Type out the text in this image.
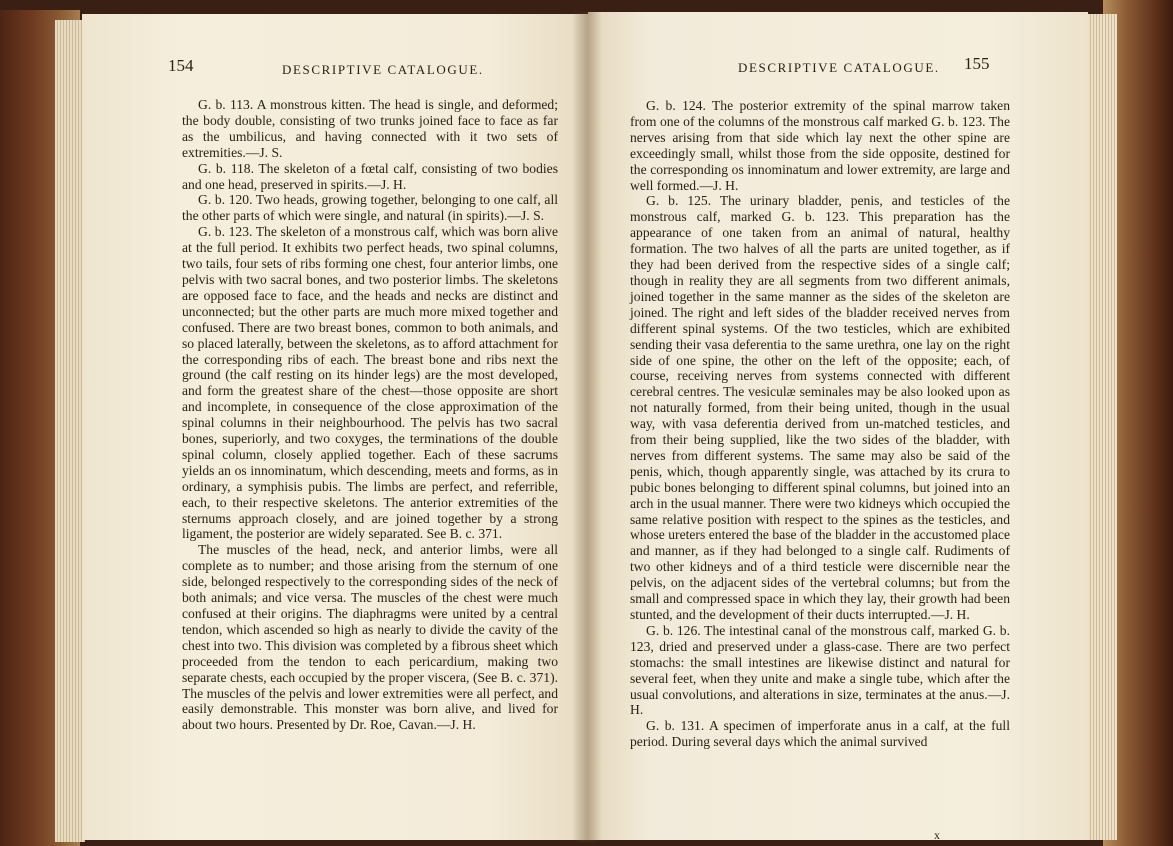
154	DESCRIPTIVE CATALOGUE.

G. b. 113. A monstrous kitten. The head is single, and deformed; the body double, consisting of two trunks joined face to face as far as the umbilicus, and having connected with it two sets of extremities.—J. S.

G. b. 118. The skeleton of a fœtal calf, consisting of two bodies and one head, preserved in spirits.—J. H.

G. b. 120. Two heads, growing together, belonging to one calf, all the other parts of which were single, and natural (in spirits).—J. S.

G. b. 123. The skeleton of a monstrous calf, which was born alive at the full period. It exhibits two perfect heads, two spinal columns, two tails, four sets of ribs forming one chest, four anterior limbs, one pelvis with two sacral bones, and two posterior limbs. The skeletons are opposed face to face, and the heads and necks are distinct and unconnected; but the other parts are much more mixed together and confused. There are two breast bones, common to both animals, and so placed laterally, between the skeletons, as to afford attachment for the corresponding ribs of each. The breast bone and ribs next the ground (the calf resting on its hinder legs) are the most developed, and form the greatest share of the chest—those opposite are short and incomplete, in consequence of the close approximation of the spinal columns in their neighbourhood. The pelvis has two sacral bones, superiorly, and two coxyges, the terminations of the double spinal column, closely applied together. Each of these sacrums yields an os innominatum, which descending, meets and forms, as in ordinary, a symphisis pubis. The limbs are perfect, and referrible, each, to their respective skeletons. The anterior extremities of the sternums approach closely, and are joined together by a strong ligament, the posterior are widely separated. See B. c. 371.

The muscles of the head, neck, and anterior limbs, were all complete as to number; and those arising from the sternum of one side, belonged respectively to the corresponding sides of the neck of both animals; and vice versa. The muscles of the chest were much confused at their origins. The diaphragms were united by a central tendon, which ascended so high as nearly to divide the cavity of the chest into two. This division was completed by a fibrous sheet which proceeded from the tendon to each pericardium, making two separate chests, each occupied by the proper viscera, (See B. c. 371). The muscles of the pelvis and lower extremities were all perfect, and easily demonstrable. This monster was born alive, and lived for about two hours. Presented by Dr. Roe, Cavan.—J. H.

DESCRIPTIVE CATALOGUE. 155

G. b. 124. The posterior extremity of the spinal marrow taken from one of the columns of the monstrous calf marked G. b. 123. The nerves arising from that side which lay next the other spine are exceedingly small, whilst those from the side opposite, destined for the corresponding os innominatum and lower extremity, are large and well formed.—J. H.

G. b. 125. The urinary bladder, penis, and testicles of the monstrous calf, marked G. b. 123. This preparation has the appearance of one taken from an animal of natural, healthy formation. The two halves of all the parts are united together, as if they had been derived from the respective sides of a single calf; though in reality they are all segments from two different animals, joined together in the same manner as the sides of the skeleton are joined. The right and left sides of the bladder received nerves from different spinal systems. Of the two testicles, which are exhibited sending their vasa deferentia to the same urethra, one lay on the right side of one spine, the other on the left of the opposite; each, of course, receiving nerves from systems connected with different cerebral centres. The vesiculæ seminales may be also looked upon as not naturally formed, from their being united, though in the usual way, with vasa deferentia derived from un-matched testicles, and from their being supplied, like the two sides of the bladder, with nerves from different systems. The same may also be said of the penis, which, though apparently single, was attached by its crura to pubic bones belonging to different spinal columns, but joined into an arch in the usual manner. There were two kidneys which occupied the same relative position with respect to the spines as the testicles, and whose ureters entered the base of the bladder in the accustomed place and manner, as if they had belonged to a single calf. Rudiments of two other kidneys and of a third testicle were discernible near the pelvis, on the adjacent sides of the vertebral columns; but from the small and compressed space in which they lay, their growth had been stunted, and the development of their ducts interrupted.—J. H.

G. b. 126. The intestinal canal of the monstrous calf, marked G. b. 123, dried and preserved under a glass-case. There are two perfect stomachs: the small intestines are likewise distinct and natural for several feet, when they unite and make a single tube, which after the usual convolutions, and alterations in size, terminates at the anus.—J. H.

G. b. 131. A specimen of imperforate anus in a calf, at the full period. During several days which the animal survived

x
